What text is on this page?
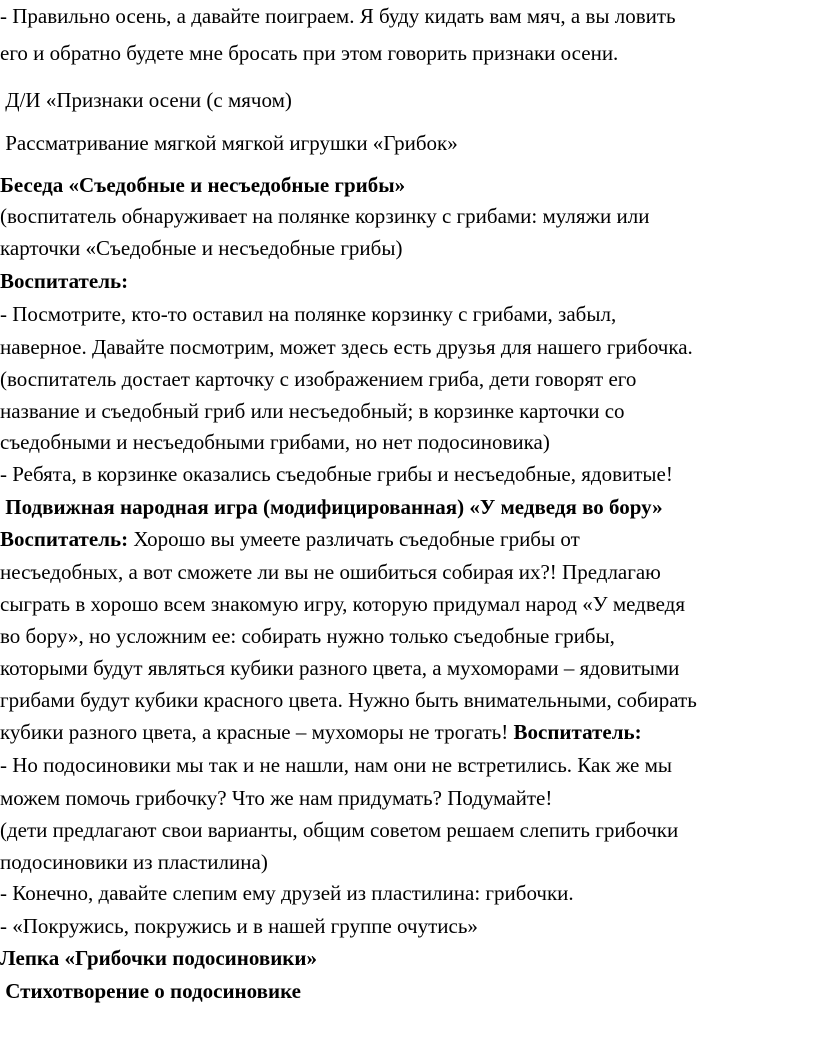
- Правильно осень, а давайте поиграем. Я буду кидать вам мяч, а вы ловить
его и обратно будете мне бросать при этом говорить признаки осени.
Д/И «Признаки осени (с мячом)
Рассматривание мягкой мягкой игрушки «Грибок»
Беседа «Съедобные и несъедобные грибы»
(воспитатель обнаруживает на полянке корзинку с грибами: муляжи или
карточки «Съедобные и несъедобные грибы)
Воспитатель:
- Посмотрите, кто-то оставил на полянке корзинку с грибами, забыл,
наверное. Давайте посмотрим, может здесь есть друзья для нашего грибочка.
(воспитатель достает карточку с изображением гриба, дети говорят его
название и съедобный гриб или несъедобный; в корзинке карточки со
съедобными и несъедобными грибами, но нет подосиновика)
- Ребята, в корзинке оказались съедобные грибы и несъедобные, ядовитые!
Подвижная народная игра (модифицированная) «У медведя во бору»
Воспитатель: Хорошо вы умеете различать съедобные грибы от
несъедобных, а вот сможете ли вы не ошибиться собирая их?! Предлагаю
сыграть в хорошо всем знакомую игру, которую придумал народ «У медведя
во бору», но усложним ее: собирать нужно только съедобные грибы,
которыми будут являться кубики разного цвета, а мухоморами – ядовитыми
грибами будут кубики красного цвета. Нужно быть внимательными, собирать
кубики разного цвета, а красные – мухоморы не трогать! Воспитатель:
- Но подосиновики мы так и не нашли, нам они не встретились. Как же мы
можем помочь грибочку? Что же нам придумать? Подумайте!
(дети предлагают свои варианты, общим советом решаем слепить грибочки
подосиновики из пластилина)
- Конечно, давайте слепим ему друзей из пластилина: грибочки.
- «Покружись, покружись и в нашей группе очутись»
Лепка «Грибочки подосиновики»
Стихотворение о подосиновике
